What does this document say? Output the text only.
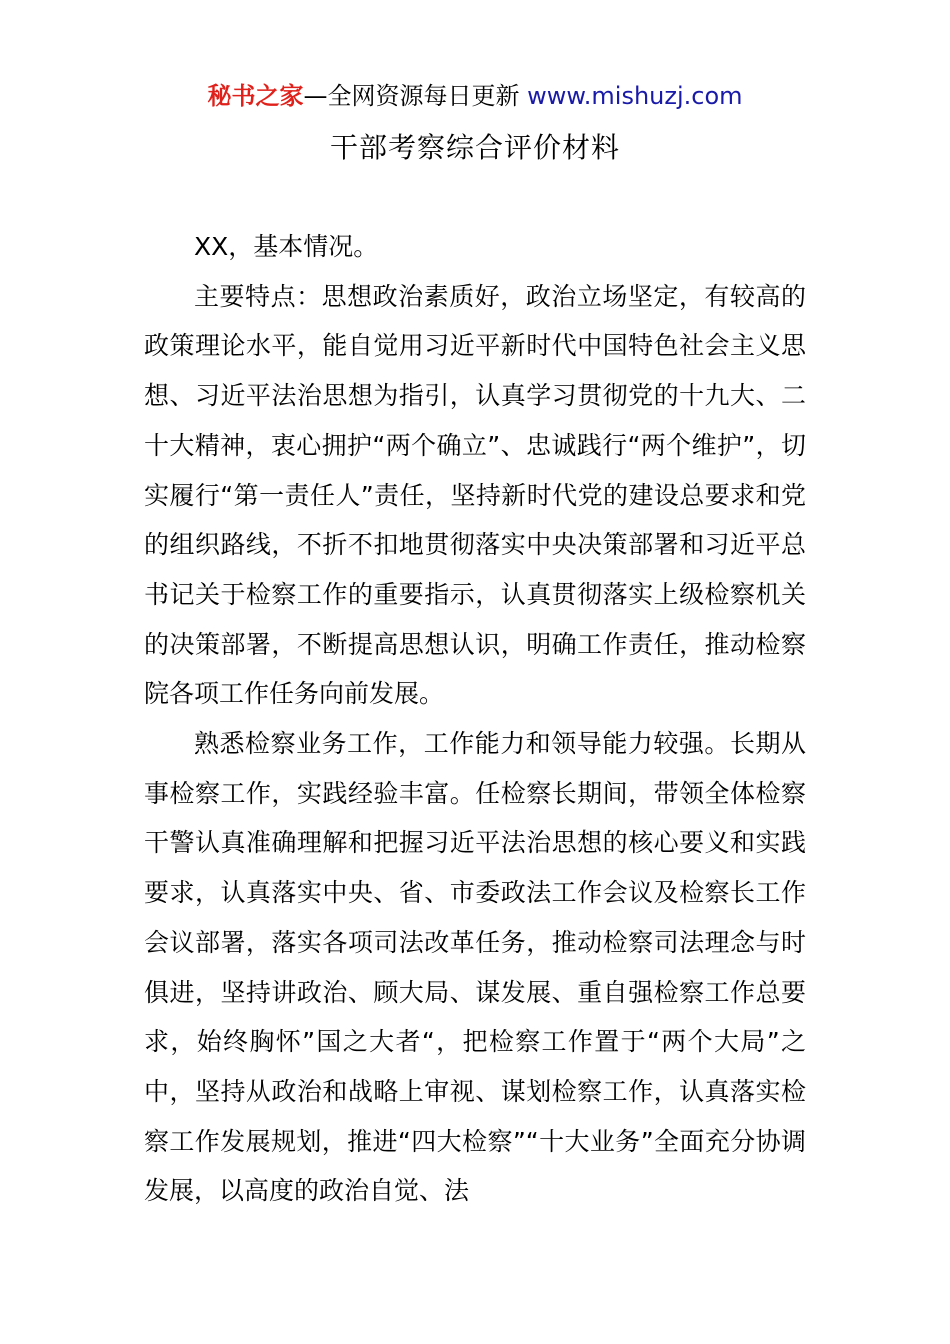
秘书之家—全网资源每日更新 www.mishuzj.com
干部考察综合评价材料

XX，基本情况。

主要特点：思想政治素质好，政治立场坚定，有较高的政策理论水平，能自觉用习近平新时代中国特色社会主义思想、习近平法治思想为指引，认真学习贯彻党的十九大、二十大精神，衷心拥护“两个确立”、忠诚践行“两个维护”，切实履行“第一责任人”责任，坚持新时代党的建设总要求和党的组织路线，不折不扣地贯彻落实中央决策部署和习近平总书记关于检察工作的重要指示，认真贯彻落实上级检察机关的决策部署，不断提高思想认识，明确工作责任，推动检察院各项工作任务向前发展。

熟悉检察业务工作，工作能力和领导能力较强。长期从事检察工作，实践经验丰富。任检察长期间，带领全体检察干警认真准确理解和把握习近平法治思想的核心要义和实践要求，认真落实中央、省、市委政法工作会议及检察长工作会议部署，落实各项司法改革任务，推动检察司法理念与时俱进，坚持讲政治、顾大局、谋发展、重自强检察工作总要求，始终胸怀”国之大者“，把检察工作置于“两个大局”之中，坚持从政治和战略上审视、谋划检察工作，认真落实检察工作发展规划，推进“四大检察”“十大业务”全面充分协调发展，以高度的政治自觉、法
